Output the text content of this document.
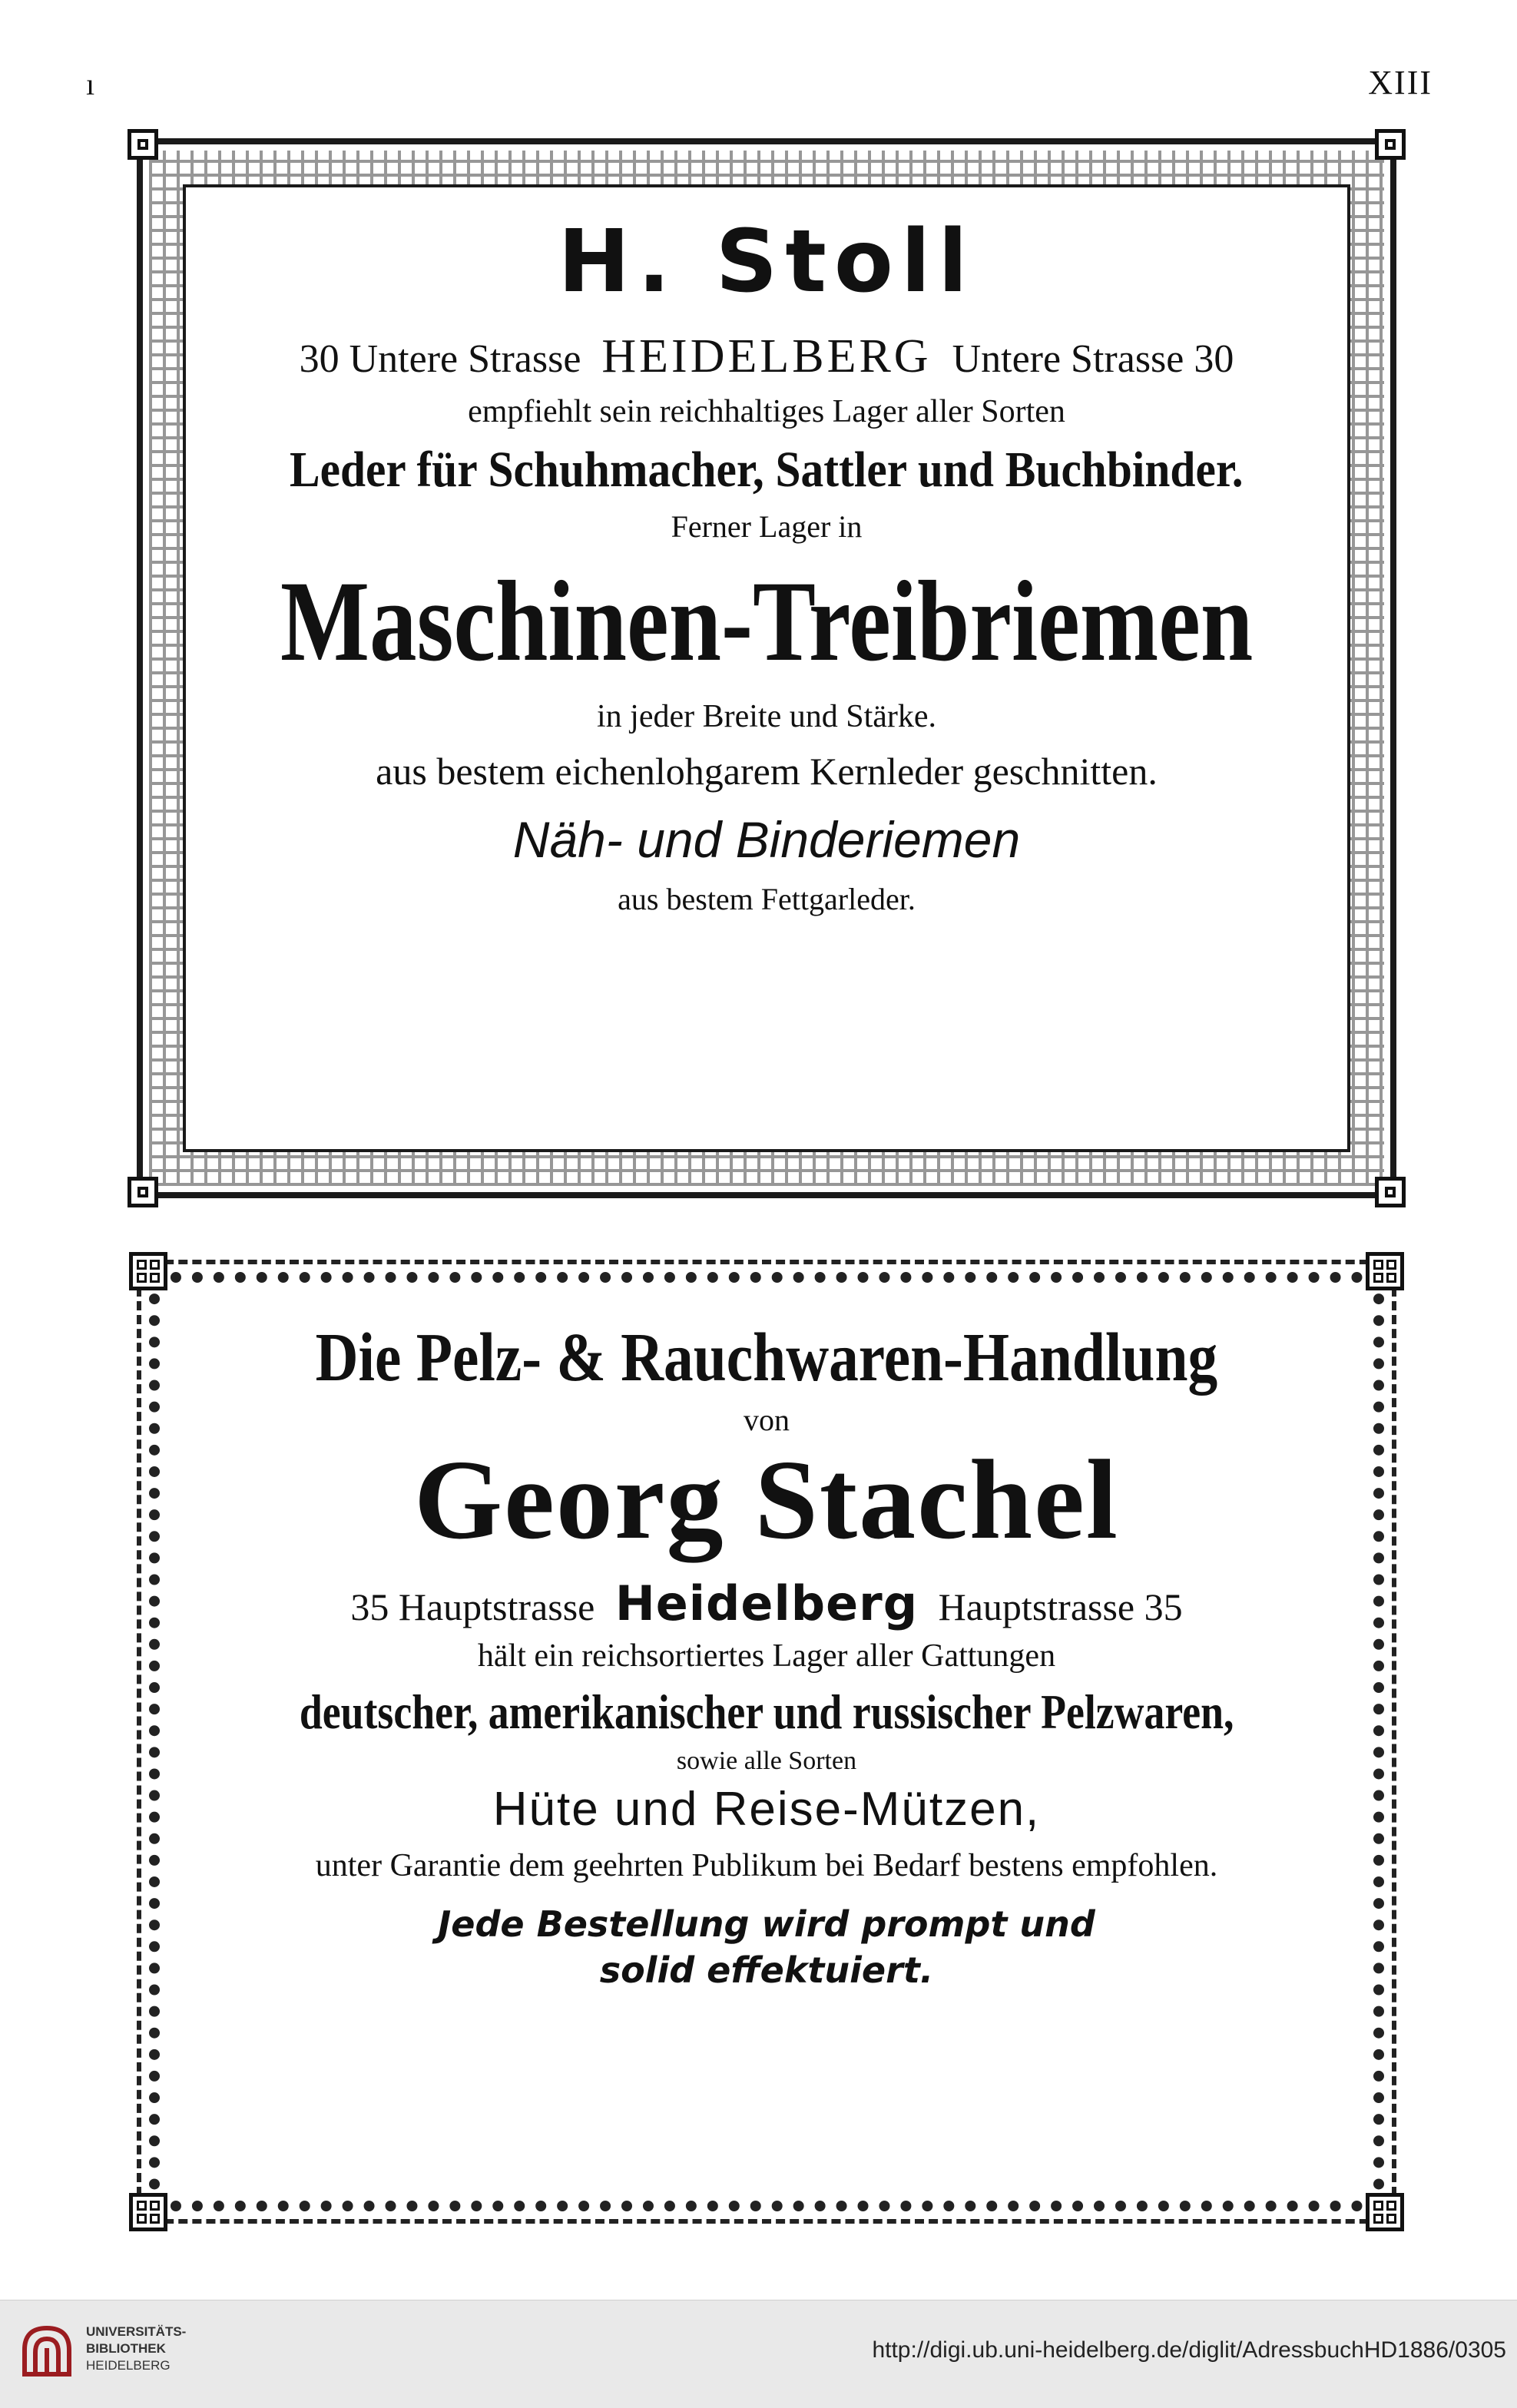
ı	XIII
H. Stoll
30 Untere Strasse HEIDELBERG Untere Strasse 30
empfiehlt sein reichhaltiges Lager aller Sorten
Leder für Schuhmacher, Sattler und Buchbinder.
Ferner Lager in
Maschinen-Treibriemen
in jeder Breite und Stärke.
aus bestem eichenlohgarem Kernleder geschnitten.
Näh- und Binderiemen
aus bestem Fettgarleder.
Die Pelz- & Rauchwaren-Handlung
von
Georg Stachel
35 Hauptstrasse Heidelberg Hauptstrasse 35
hält ein reichsortiertes Lager aller Gattungen
deutscher, amerikanischer und russischer Pelzwaren,
sowie alle Sorten
Hüte und Reise-Mützen,
unter Garantie dem geehrten Publikum bei Bedarf bestens empfohlen.
Jede Bestellung wird prompt und
solid effektuiert.
UNIVERSITÄTS-
BIBLIOTHEK
HEIDELBERG
http://digi.ub.uni-heidelberg.de/diglit/AdressbuchHD1886/0305
